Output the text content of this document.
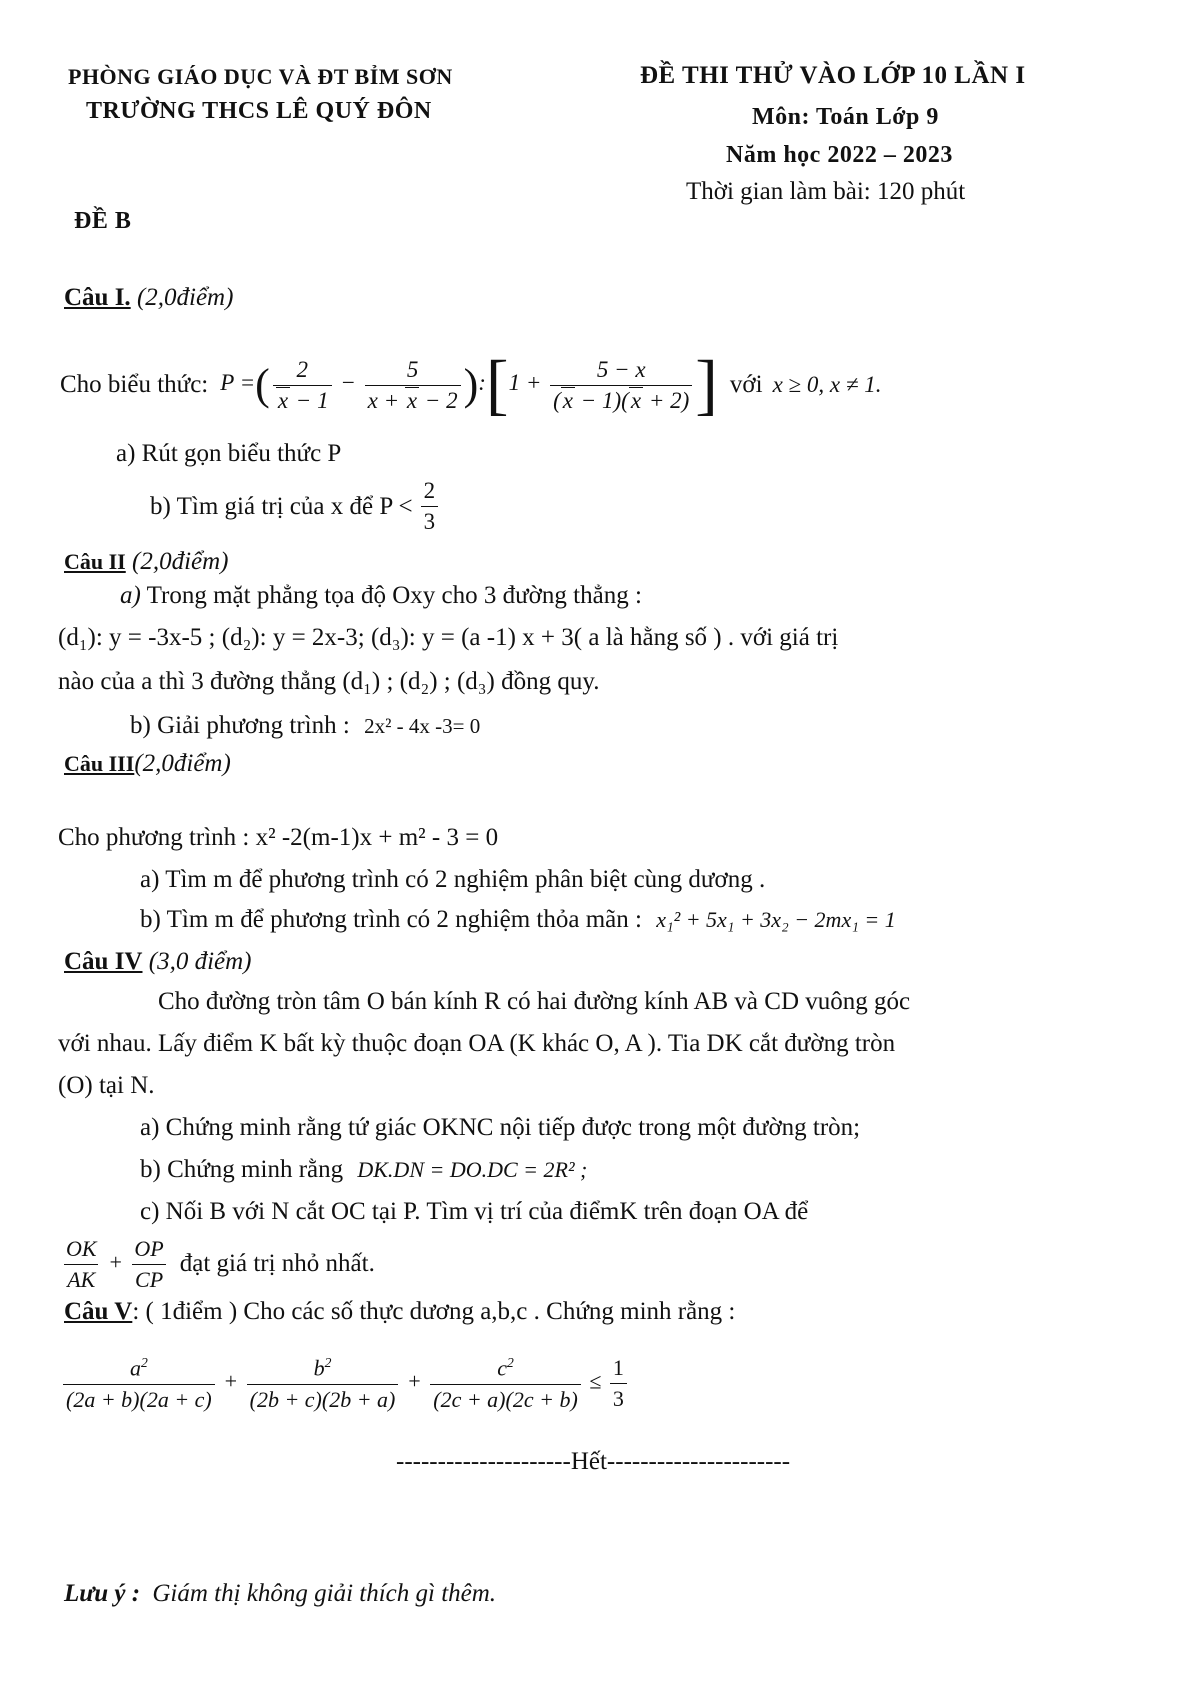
PHÒNG GIÁO DỤC VÀ ĐT BỈM SƠN
TRƯỜNG THCS LÊ QUÝ ĐÔN
ĐỀ THI THỬ VÀO LỚP 10 LẦN I
Môn: Toán Lớp 9
Năm học 2022 – 2023
Thời gian làm bài: 120 phút
ĐỀ B
Câu I. (2,0điểm)
Cho biểu thức: P =( $\frac{2}{x - 1} - \frac{5}{x + x - 2}$ ):[1 + $\frac{5 - x}{(x - 1)(x + 2)}$ ] với x ≥ 0, x ≠ 1.
a) Rút gọn biểu thức P
b) Tìm giá trị của x để $P < \frac{2}{3}$
Câu II (2,0điểm)
a) Trong mặt phẳng tọa độ Oxy cho 3 đường thẳng :
(d₁): y = -3x-5 ; (d₂): y = 2x-3; (d₃): y = (a -1) x + 3( a là hằng số ) . với giá trị
nào của a thì 3 đường thẳng (d₁) ; (d₂) ; (d₃) đồng quy.
b) Giải phương trình : 2x² - 4x -3= 0
Câu III(2,0điểm)
Cho phương trình : x² -2(m-1)x + m² - 3 = 0
a) Tìm m để phương trình có 2 nghiệm phân biệt cùng dương .
b) Tìm m để phương trình có 2 nghiệm thỏa mãn : x₁² + 5x₁ + 3x₂ − 2mx₁ = 1
Câu IV (3,0 điểm)
Cho đường tròn tâm O bán kính R có hai đường kính AB và CD vuông góc
với nhau. Lấy điểm K bất kỳ thuộc đoạn OA (K khác O, A ). Tia DK cắt đường tròn
(O) tại N.
a) Chứng minh rằng tứ giác OKNC nội tiếp được trong một đường tròn;
b) Chứng minh rằng DK.DN = DO.DC = 2R² ;
c) Nối B với N cắt OC tại P. Tìm vị trí của điểmK trên đoạn OA để
$\frac{OK}{AK} + \frac{OP}{CP}$ đạt giá trị nhỏ nhất.
Câu V: ( 1điểm ) Cho các số thực dương a,b,c . Chứng minh rằng :
$\frac{a^2}{(2a + b)(2a + c)} + \frac{b^2}{(2b + c)(2b + a)} + \frac{c^2}{(2c + a)(2c + b)} \le \frac{1}{3}$
---------------------Hết----------------------
Lưu ý : Giám thị không giải thích gì thêm.
